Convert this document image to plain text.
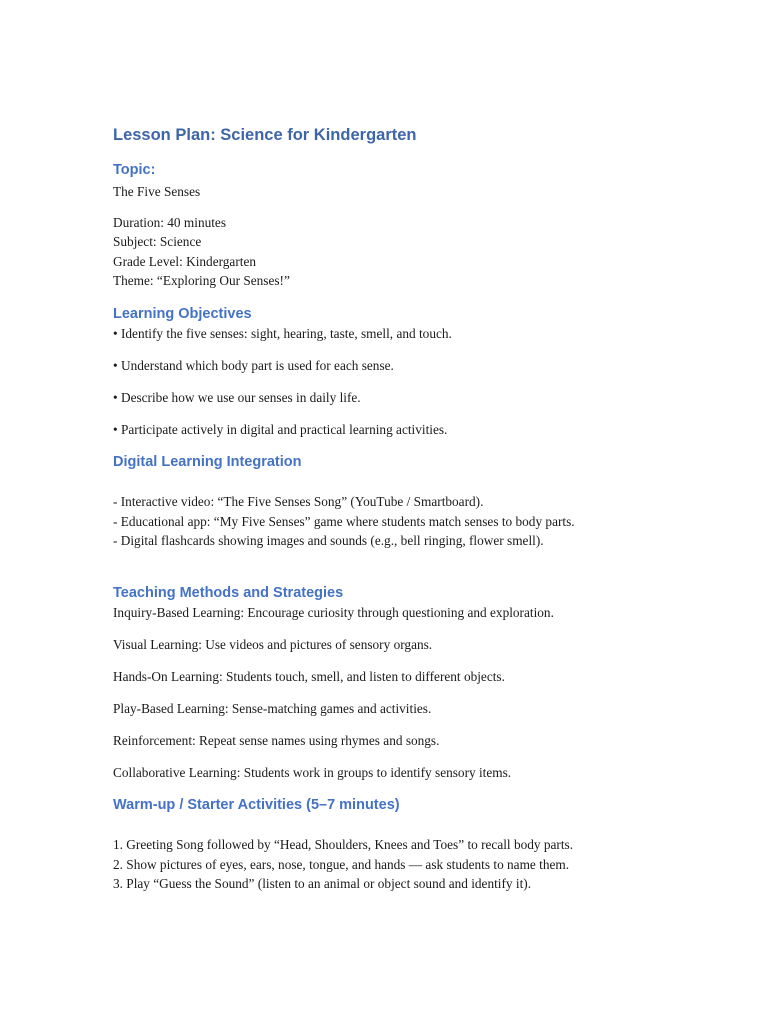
Lesson Plan: Science for Kindergarten
Topic:

The Five Senses

Duration: 40 minutes

Subject: Science

Grade Level: Kindergarten

Theme: “Exploring Our Senses!”

Learning Objectives

• Identify the five senses: sight, hearing, taste, smell, and touch.

• Understand which body part is used for each sense.

• Describe how we use our senses in daily life.

• Participate actively in digital and practical learning activities.

Digital Learning Integration

- Interactive video: “The Five Senses Song” (YouTube / Smartboard).

- Educational app: “My Five Senses” game where students match senses to body parts.

- Digital flashcards showing images and sounds (e.g., bell ringing, flower smell).

Teaching Methods and Strategies

Inquiry-Based Learning: Encourage curiosity through questioning and exploration.

Visual Learning: Use videos and pictures of sensory organs.

Hands-On Learning: Students touch, smell, and listen to different objects.

Play-Based Learning: Sense-matching games and activities.

Reinforcement: Repeat sense names using rhymes and songs.

Collaborative Learning: Students work in groups to identify sensory items.

Warm-up / Starter Activities (5–7 minutes)

1. Greeting Song followed by “Head, Shoulders, Knees and Toes” to recall body parts.

2. Show pictures of eyes, ears, nose, tongue, and hands — ask students to name them.

3. Play “Guess the Sound” (listen to an animal or object sound and identify it).
